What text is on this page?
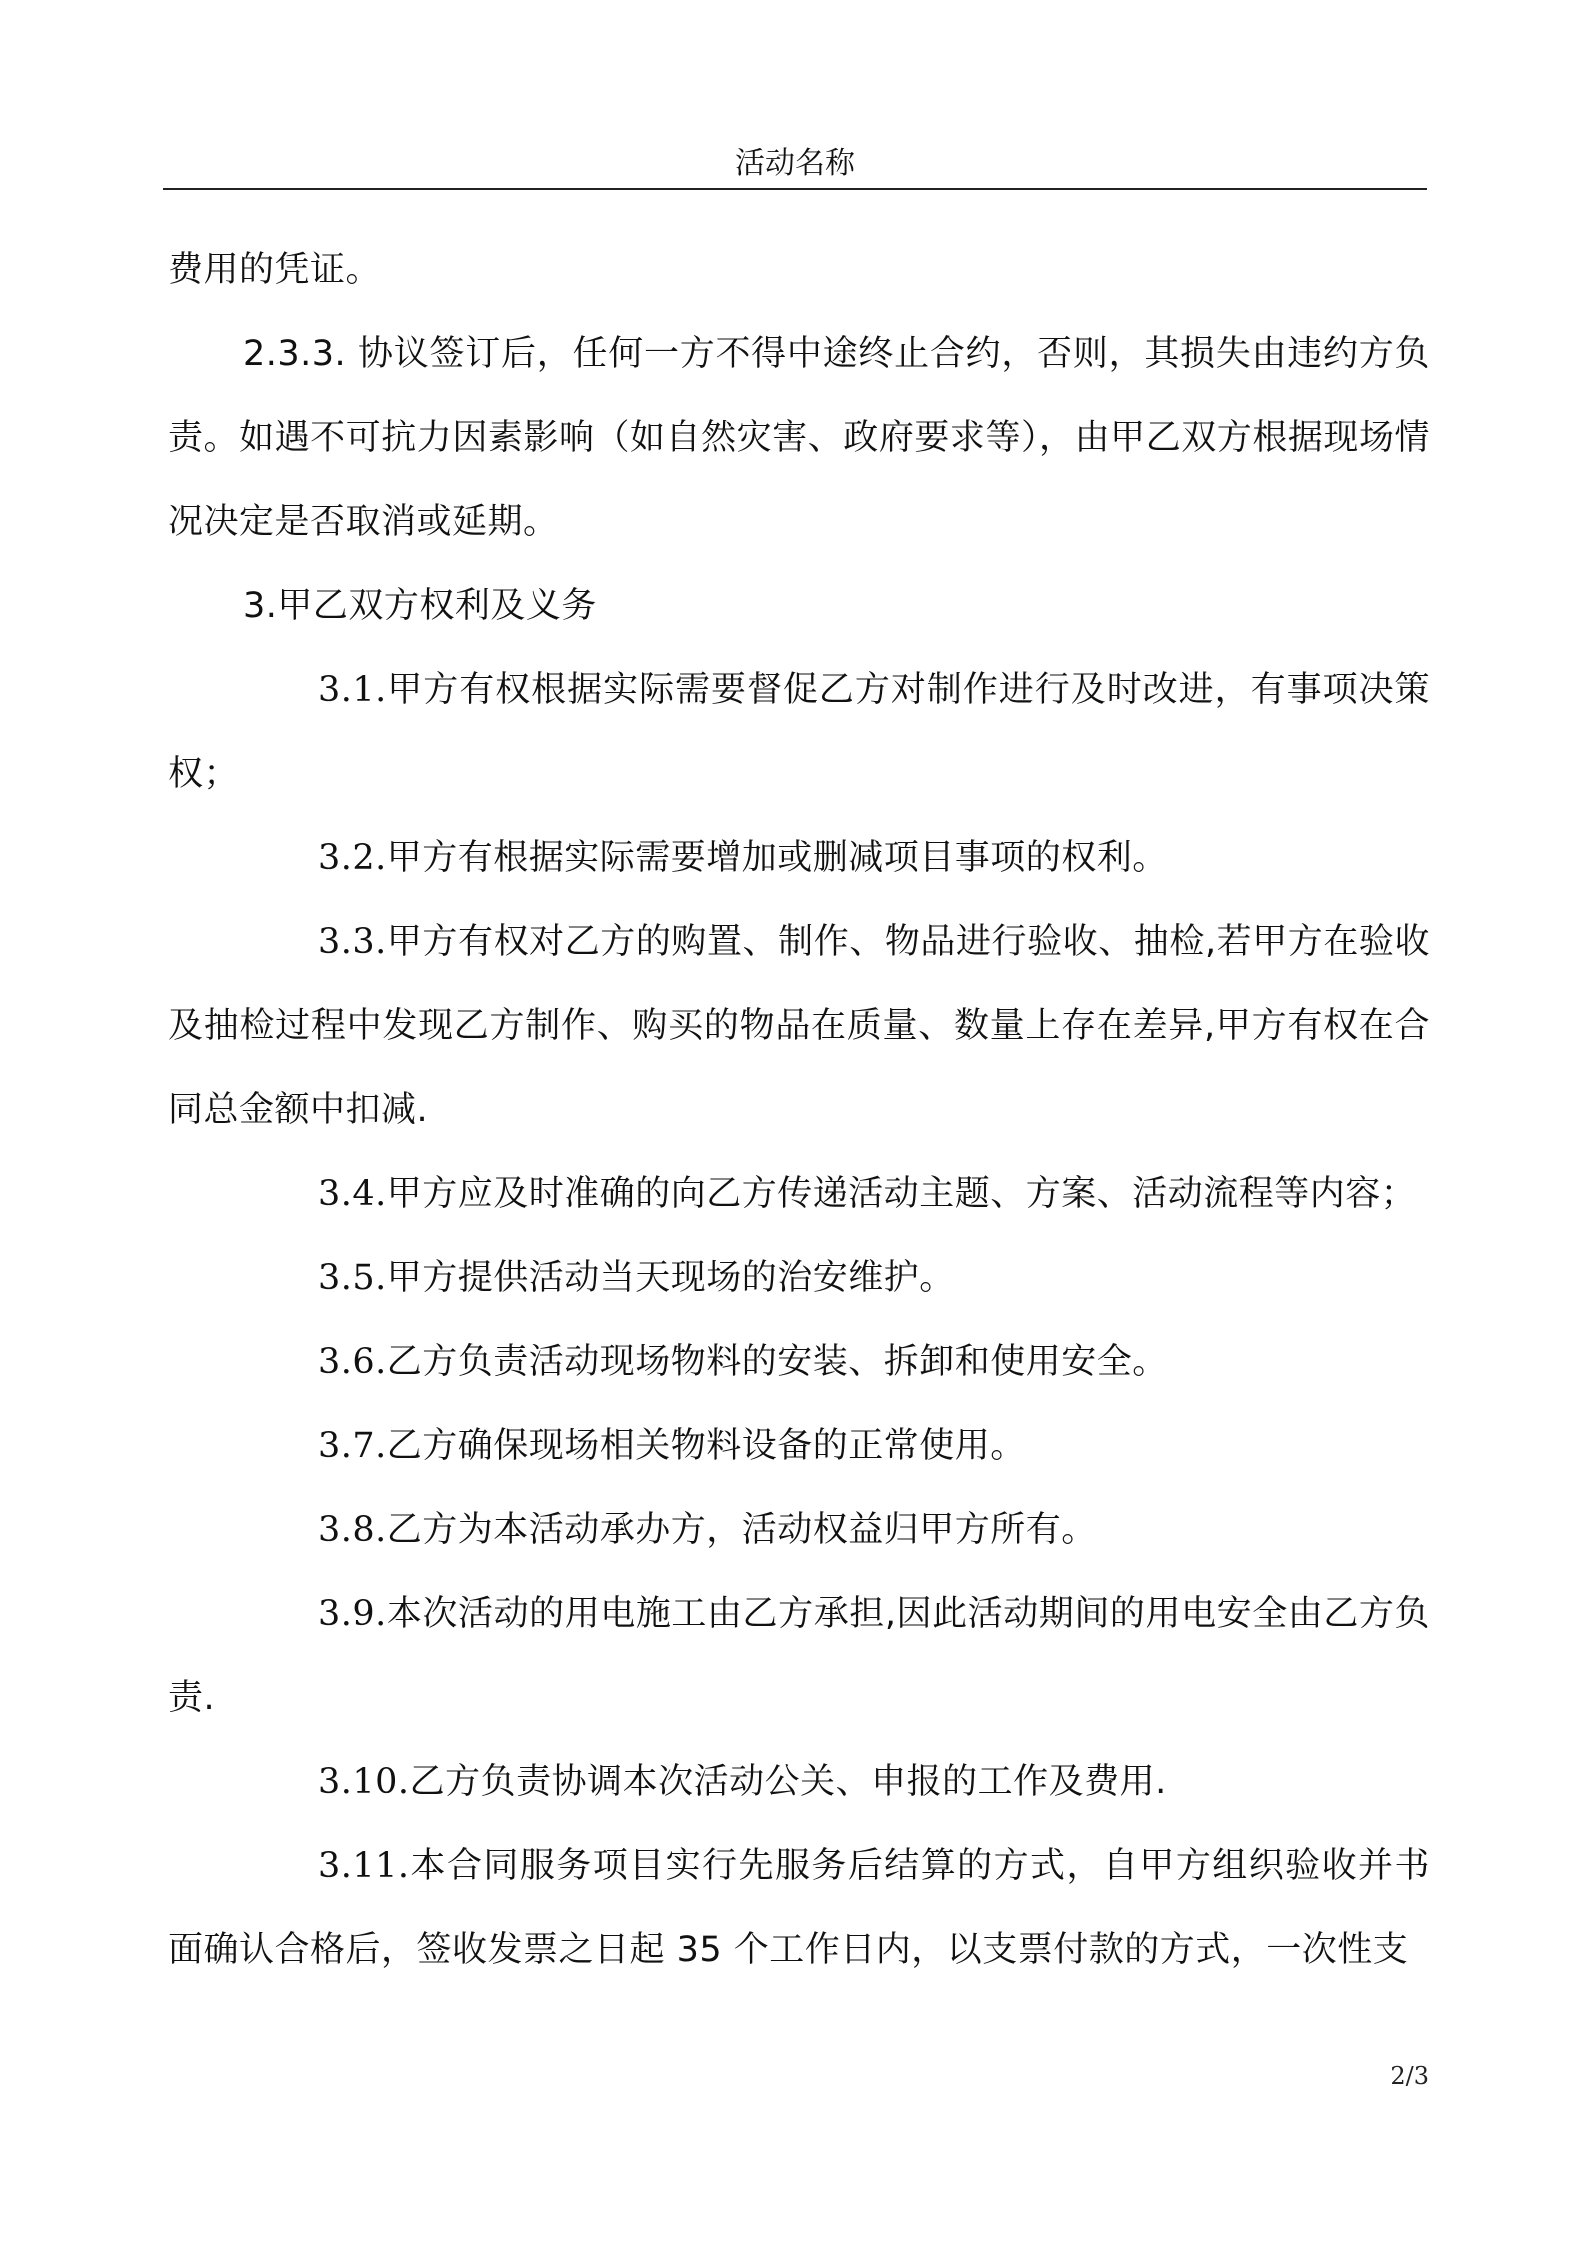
活动名称

费用的凭证。

2.3.3. 协议签订后，任何一方不得中途终止合约，否则，其损失由违约方负责。如遇不可抗力因素影响（如自然灾害、政府要求等），由甲乙双方根据现场情况决定是否取消或延期。

3.甲乙双方权利及义务

3.1.甲方有权根据实际需要督促乙方对制作进行及时改进，有事项决策权；

3.2.甲方有根据实际需要增加或删减项目事项的权利。

3.3.甲方有权对乙方的购置、制作、物品进行验收、抽检,若甲方在验收及抽检过程中发现乙方制作、购买的物品在质量、数量上存在差异,甲方有权在合同总金额中扣减.

3.4.甲方应及时准确的向乙方传递活动主题、方案、活动流程等内容；

3.5.甲方提供活动当天现场的治安维护。

3.6.乙方负责活动现场物料的安装、拆卸和使用安全。

3.7.乙方确保现场相关物料设备的正常使用。

3.8.乙方为本活动承办方，活动权益归甲方所有。

3.9.本次活动的用电施工由乙方承担,因此活动期间的用电安全由乙方负责.

3.10.乙方负责协调本次活动公关、申报的工作及费用.

3.11.本合同服务项目实行先服务后结算的方式，自甲方组织验收并书面确认合格后，签收发票之日起 35 个工作日内，以支票付款的方式，一次性支

2/3
